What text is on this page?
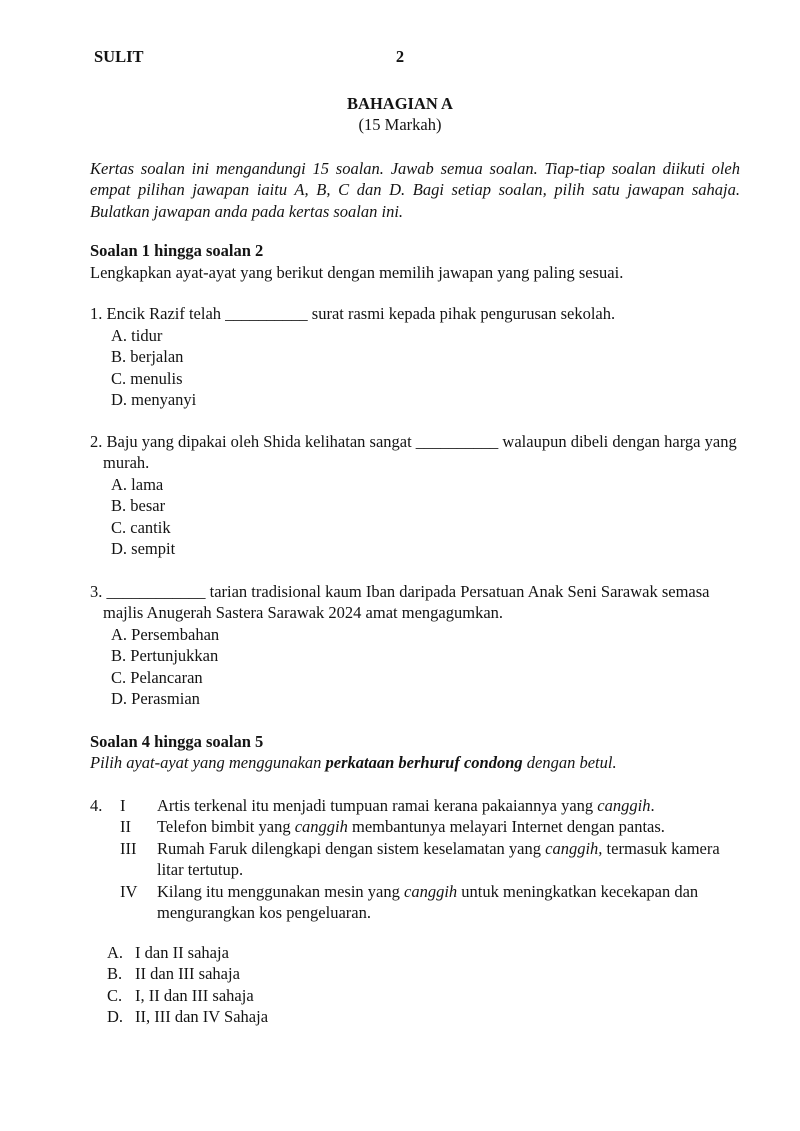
SULIT	2
BAHAGIAN A
(15 Markah)

Kertas soalan ini mengandungi 15 soalan. Jawab semua soalan. Tiap-tiap soalan diikuti oleh empat pilihan jawapan iaitu A, B, C dan D. Bagi setiap soalan, pilih satu jawapan sahaja. Bulatkan jawapan anda pada kertas soalan ini.

Soalan 1 hingga soalan 2
Lengkapkan ayat-ayat yang berikut dengan memilih jawapan yang paling sesuai.
1. Encik Razif telah __________ surat rasmi kepada pihak pengurusan sekolah.
A. tidur
B. berjalan
C. menulis
D. menyanyi
2. Baju yang dipakai oleh Shida kelihatan sangat __________ walaupun dibeli dengan harga yang murah.
A. lama
B. besar
C. cantik
D. sempit
3. ____________ tarian tradisional kaum Iban daripada Persatuan Anak Seni Sarawak semasa majlis Anugerah Sastera Sarawak 2024 amat mengagumkan.
A. Persembahan
B. Pertunjukkan
C. Pelancaran
D. Perasmian
Soalan 4 hingga soalan 5
Pilih ayat-ayat yang menggunakan perkataan berhuruf condong dengan betul.
4.	I	Artis terkenal itu menjadi tumpuan ramai kerana pakaiannya yang canggih.
II	Telefon bimbit yang canggih membantunya melayari Internet dengan pantas.
III	Rumah Faruk dilengkapi dengan sistem keselamatan yang canggih, termasuk kamera litar tertutup.
IV	Kilang itu menggunakan mesin yang canggih untuk meningkatkan kecekapan dan mengurangkan kos pengeluaran.
A. I dan II sahaja
B. II dan III sahaja
C. I, II dan III sahaja
D. II, III dan IV Sahaja
